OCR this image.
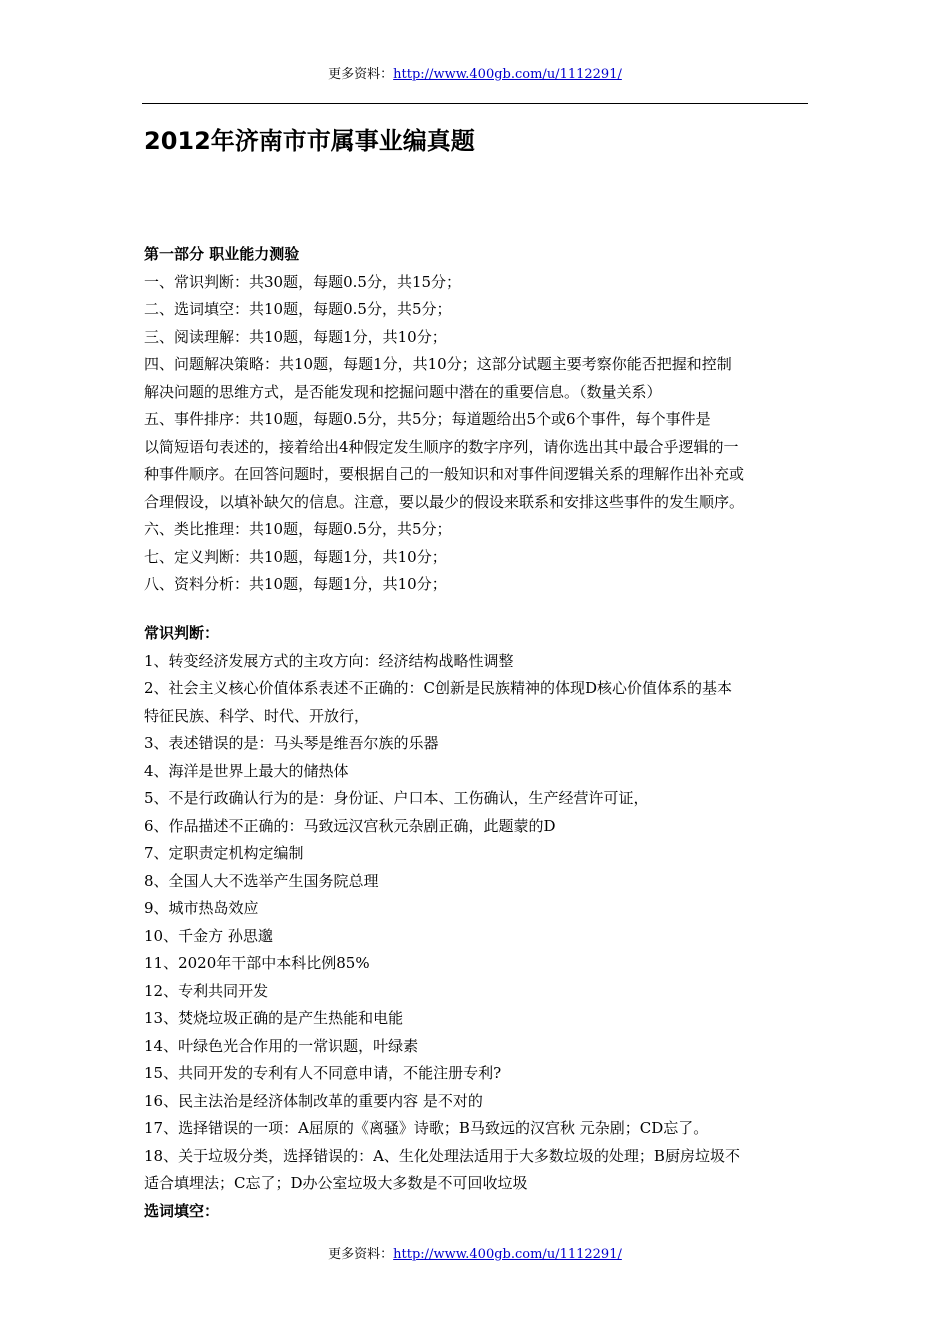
更多资料：http://www.400gb.com/u/1112291/
2012年济南市市属事业编真题

第一部分 职业能力测验

一、常识判断：共30题，每题0.5分，共15分；

二、选词填空：共10题，每题0.5分，共5分；

三、阅读理解：共10题，每题1分，共10分；

四、问题解决策略：共10题，每题1分，共10分；这部分试题主要考察你能否把握和控制

解决问题的思维方式，是否能发现和挖掘问题中潜在的重要信息。（数量关系）

五、事件排序：共10题，每题0.5分，共5分；每道题给出5个或6个事件，每个事件是

以简短语句表述的，接着给出4种假定发生顺序的数字序列，请你选出其中最合乎逻辑的一

种事件顺序。在回答问题时，要根据自己的一般知识和对事件间逻辑关系的理解作出补充或

合理假设，以填补缺欠的信息。注意，要以最少的假设来联系和安排这些事件的发生顺序。

六、类比推理：共10题，每题0.5分，共5分；

七、定义判断：共10题，每题1分，共10分；

八、资料分析：共10题，每题1分，共10分；

常识判断：

1、转变经济发展方式的主攻方向：经济结构战略性调整

2、社会主义核心价值体系表述不正确的：C创新是民族精神的体现D核心价值体系的基本

特征民族、科学、时代、开放行，

3、表述错误的是：马头琴是维吾尔族的乐器

4、海洋是世界上最大的储热体

5、不是行政确认行为的是：身份证、户口本、工伤确认，生产经营许可证，

6、作品描述不正确的：马致远汉宫秋元杂剧正确，此题蒙的D

7、定职责定机构定编制

8、全国人大不选举产生国务院总理

9、城市热岛效应

10、千金方 孙思邈

11、2020年干部中本科比例85%

12、专利共同开发

13、焚烧垃圾正确的是产生热能和电能

14、叶绿色光合作用的一常识题，叶绿素

15、共同开发的专利有人不同意申请，不能注册专利?

16、民主法治是经济体制改革的重要内容 是不对的

17、选择错误的一项：A屈原的《离骚》诗歌；B马致远的汉宫秋 元杂剧；CD忘了。

18、关于垃圾分类，选择错误的：A、生化处理法适用于大多数垃圾的处理；B厨房垃圾不

适合填埋法；C忘了；D办公室垃圾大多数是不可回收垃圾

选词填空：

更多资料：http://www.400gb.com/u/1112291/
